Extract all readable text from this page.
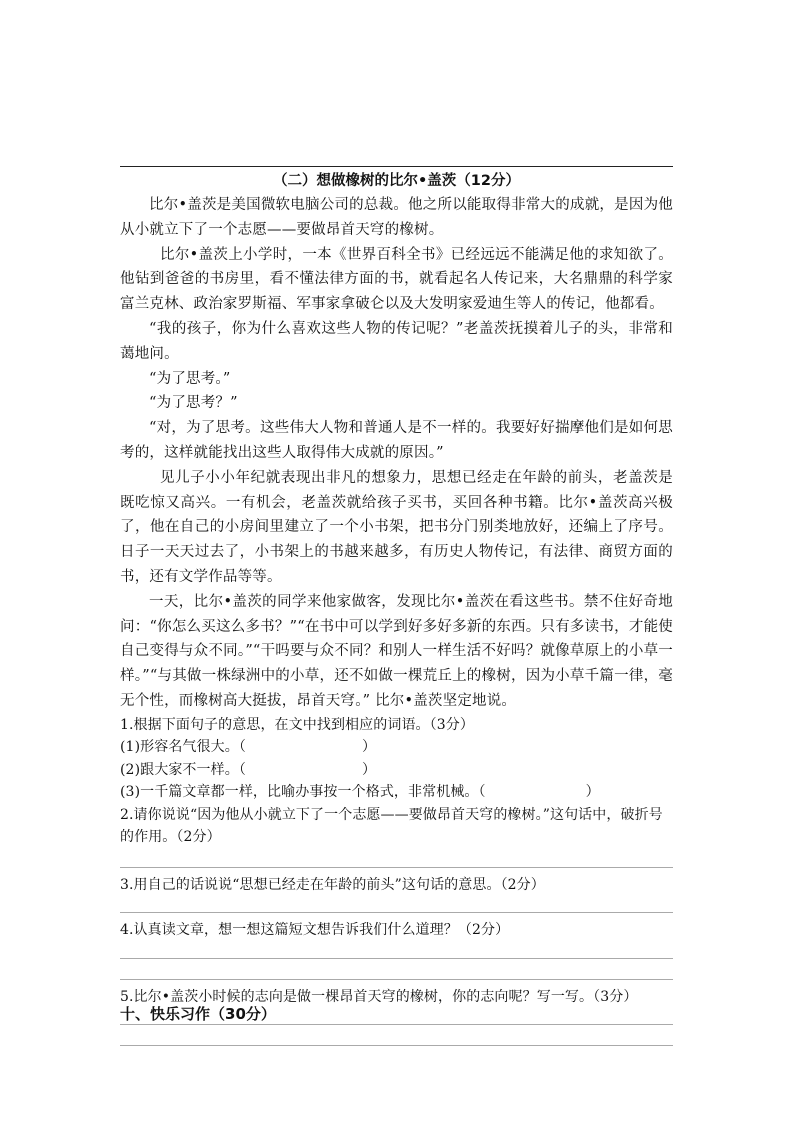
（二）想做橡树的比尔•盖茨（12分）

比尔•盖茨是美国微软电脑公司的总裁。他之所以能取得非常大的成就，是因为他从小就立下了一个志愿——要做昂首天穹的橡树。

比尔•盖茨上小学时，一本《世界百科全书》已经远远不能满足他的求知欲了。他钻到爸爸的书房里，看不懂法律方面的书，就看起名人传记来，大名鼎鼎的科学家富兰克林、政治家罗斯福、军事家拿破仑以及大发明家爱迪生等人的传记，他都看。

“我的孩子，你为什么喜欢这些人物的传记呢？”老盖茨抚摸着儿子的头，非常和蔼地问。

“为了思考。”

“为了思考？”

“对，为了思考。这些伟大人物和普通人是不一样的。我要好好揣摩他们是如何思考的，这样就能找出这些人取得伟大成就的原因。”

见儿子小小年纪就表现出非凡的想象力，思想已经走在年龄的前头，老盖茨是既吃惊又高兴。一有机会，老盖茨就给孩子买书，买回各种书籍。比尔•盖茨高兴极了，他在自己的小房间里建立了一个小书架，把书分门别类地放好，还编上了序号。日子一天天过去了，小书架上的书越来越多，有历史人物传记，有法律、商贸方面的书，还有文学作品等等。

一天，比尔•盖茨的同学来他家做客，发现比尔•盖茨在看这些书。禁不住好奇地问：“你怎么买这么多书？”“在书中可以学到好多好多新的东西。只有多读书，才能使自己变得与众不同。”“干吗要与众不同？和别人一样生活不好吗？就像草原上的小草一样。”“与其做一株绿洲中的小草，还不如做一棵荒丘上的橡树，因为小草千篇一律，毫无个性，而橡树高大挺拔，昂首天穹。” 比尔•盖茨坚定地说。

1.根据下面句子的意思，在文中找到相应的词语。（3分）

(1)形容名气很大。（	）
(2)跟大家不一样。（	）
(3)一千篇文章都一样，比喻办事按一个格式，非常机械。（	）

2.请你说说“因为他从小就立下了一个志愿——要做昂首天穹的橡树。”这句话中，破折号的作用。（2分）

3.用自己的话说说“思想已经走在年龄的前头”这句话的意思。（2分）

4.认真读文章，想一想这篇短文想告诉我们什么道理？（2分）

5.比尔•盖茨小时候的志向是做一棵昂首天穹的橡树，你的志向呢？写一写。（3分）

十、快乐习作（30分）
